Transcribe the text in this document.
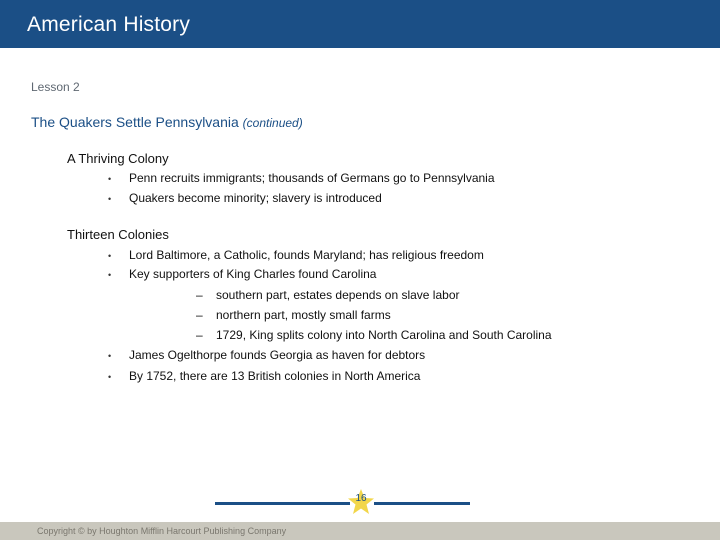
American History
Lesson 2
The Quakers Settle Pennsylvania (continued)
A Thriving Colony
• Penn recruits immigrants; thousands of Germans go to Pennsylvania
• Quakers become minority; slavery is introduced
Thirteen Colonies
• Lord Baltimore, a Catholic, founds Maryland; has religious freedom
• Key supporters of King Charles found Carolina
– southern part, estates depends on slave labor
– northern part, mostly small farms
– 1729, King splits colony into North Carolina and South Carolina
• James Ogelthorpe founds Georgia as haven for debtors
• By 1752, there are 13 British colonies in North America
16
Copyright © by Houghton Mifflin Harcourt Publishing Company
